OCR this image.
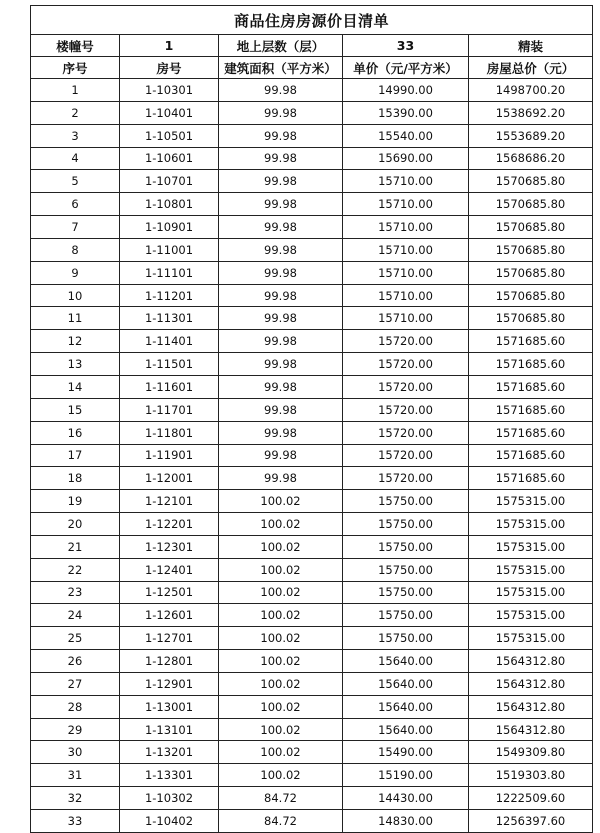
商品住房房源价目清单				
楼幢号	1	地上层数（层）	33	精装
序号	房号	建筑面积（平方米）	单价（元/平方米）	房屋总价（元）
1	1-10301	99.98	14990.00	1498700.20
2	1-10401	99.98	15390.00	1538692.20
3	1-10501	99.98	15540.00	1553689.20
4	1-10601	99.98	15690.00	1568686.20
5	1-10701	99.98	15710.00	1570685.80
6	1-10801	99.98	15710.00	1570685.80
7	1-10901	99.98	15710.00	1570685.80
8	1-11001	99.98	15710.00	1570685.80
9	1-11101	99.98	15710.00	1570685.80
10	1-11201	99.98	15710.00	1570685.80
11	1-11301	99.98	15710.00	1570685.80
12	1-11401	99.98	15720.00	1571685.60
13	1-11501	99.98	15720.00	1571685.60
14	1-11601	99.98	15720.00	1571685.60
15	1-11701	99.98	15720.00	1571685.60
16	1-11801	99.98	15720.00	1571685.60
17	1-11901	99.98	15720.00	1571685.60
18	1-12001	99.98	15720.00	1571685.60
19	1-12101	100.02	15750.00	1575315.00
20	1-12201	100.02	15750.00	1575315.00
21	1-12301	100.02	15750.00	1575315.00
22	1-12401	100.02	15750.00	1575315.00
23	1-12501	100.02	15750.00	1575315.00
24	1-12601	100.02	15750.00	1575315.00
25	1-12701	100.02	15750.00	1575315.00
26	1-12801	100.02	15640.00	1564312.80
27	1-12901	100.02	15640.00	1564312.80
28	1-13001	100.02	15640.00	1564312.80
29	1-13101	100.02	15640.00	1564312.80
30	1-13201	100.02	15490.00	1549309.80
31	1-13301	100.02	15190.00	1519303.80
32	1-10302	84.72	14430.00	1222509.60
33	1-10402	84.72	14830.00	1256397.60
